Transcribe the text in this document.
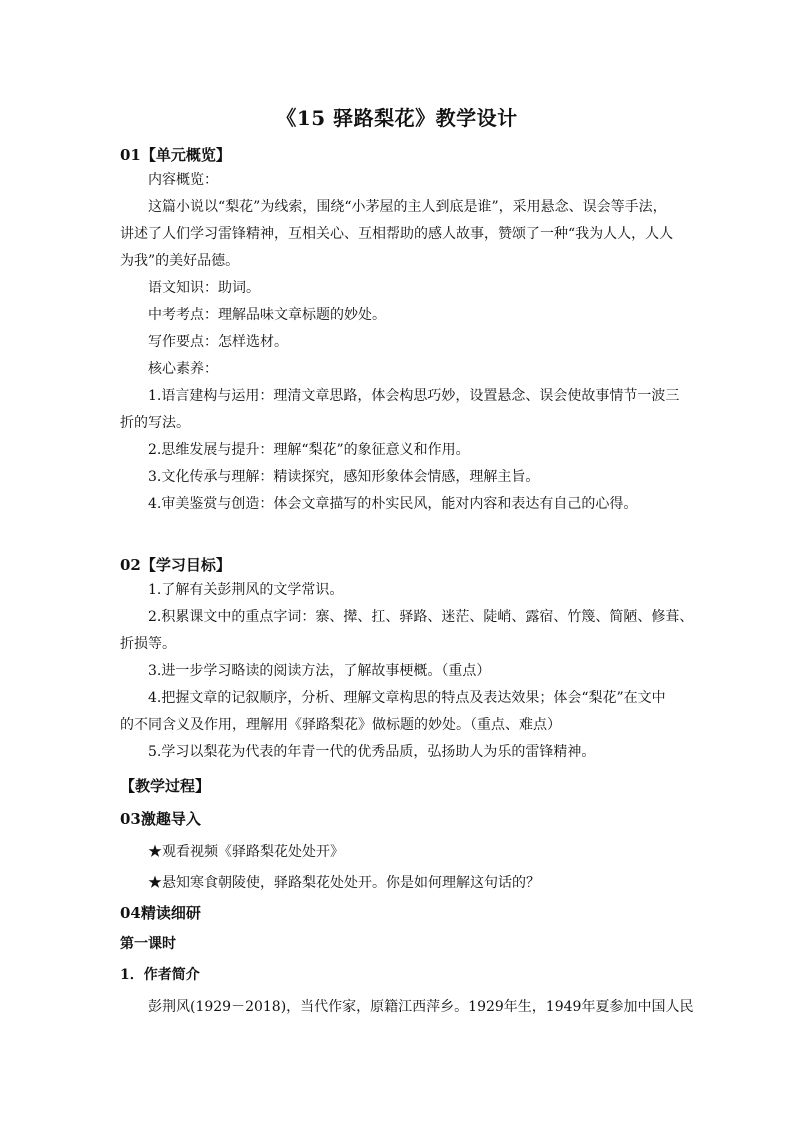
《15 驿路梨花》教学设计
01【单元概览】
内容概览：
这篇小说以“梨花”为线索，围绕“小茅屋的主人到底是谁”，采用悬念、误会等手法，
讲述了人们学习雷锋精神，互相关心、互相帮助的感人故事，赞颂了一种“我为人人，人人
为我”的美好品德。
语文知识：助词。
中考考点：理解品味文章标题的妙处。
写作要点：怎样选材。
核心素养：
1.语言建构与运用：理清文章思路，体会构思巧妙，设置悬念、误会使故事情节一波三
折的写法。
2.思维发展与提升：理解“梨花”的象征意义和作用。
3.文化传承与理解：精读探究，感知形象体会情感，理解主旨。
4.审美鉴赏与创造：体会文章描写的朴实民风，能对内容和表达有自己的心得。
02【学习目标】
1.了解有关彭荆风的文学常识。
2.积累课文中的重点字词：寨、撵、扛、驿路、迷茫、陡峭、露宿、竹篾、简陋、修葺、
折损等。
3.进一步学习略读的阅读方法，了解故事梗概。（重点）
4.把握文章的记叙顺序，分析、理解文章构思的特点及表达效果；体会“梨花”在文中
的不同含义及作用，理解用《驿路梨花》做标题的妙处。（重点、难点）
5.学习以梨花为代表的年青一代的优秀品质，弘扬助人为乐的雷锋精神。
【教学过程】
03激趣导入
★观看视频《驿路梨花处处开》
★悬知寒食朝陵使，驿路梨花处处开。你是如何理解这句话的？
04精读细研
第一课时
1．作者简介
彭荆风(1929－2018)，当代作家，原籍江西萍乡。1929年生，1949年夏参加中国人民
